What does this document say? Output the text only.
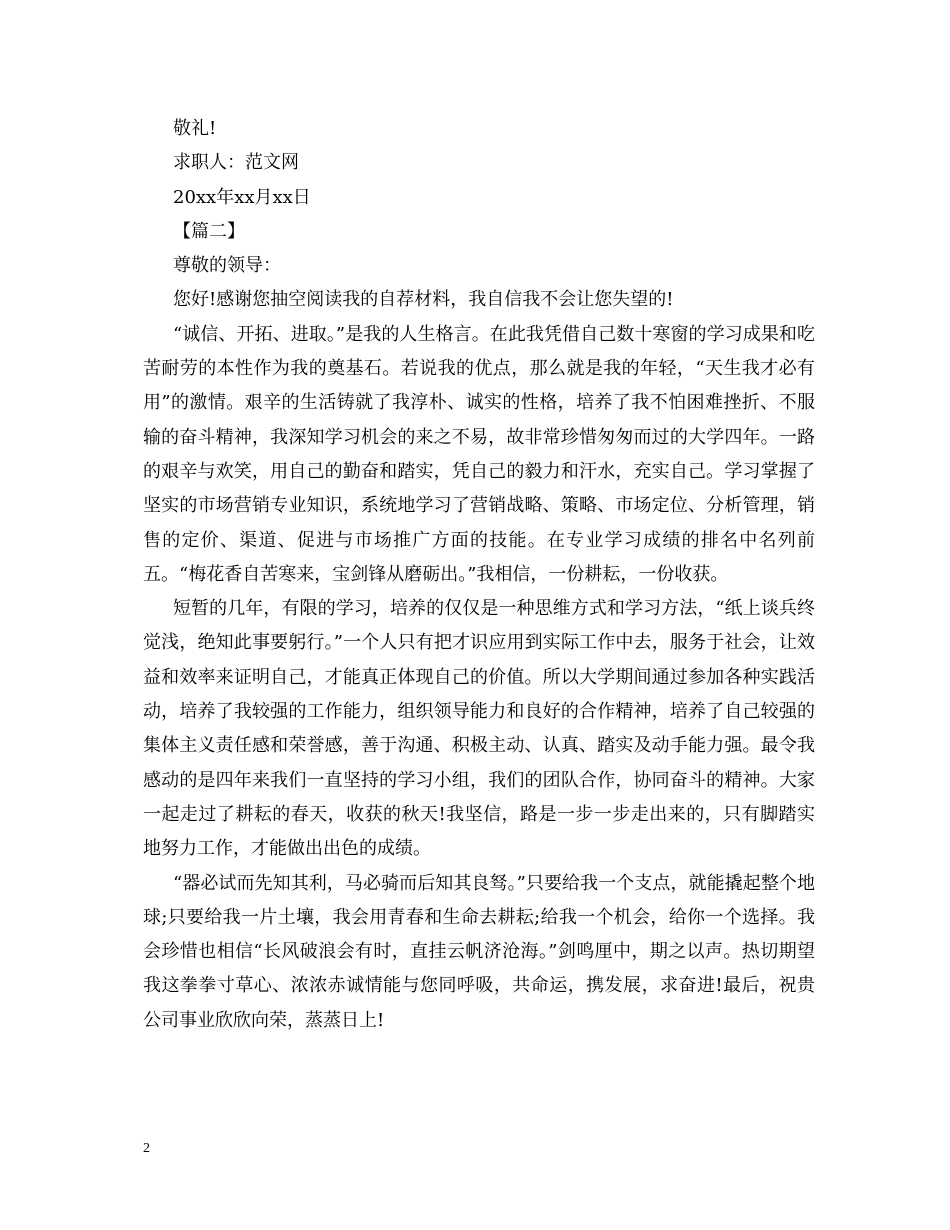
敬礼!

求职人：范文网

20xx年xx月xx日

【篇二】

尊敬的领导：

您好!感谢您抽空阅读我的自荐材料，我自信我不会让您失望的!

“诚信、开拓、进取。”是我的人生格言。在此我凭借自己数十寒窗的学习成果和吃苦耐劳的本性作为我的奠基石。若说我的优点，那么就是我的年轻，“天生我才必有用”的激情。艰辛的生活铸就了我淳朴、诚实的性格，培养了我不怕困难挫折、不服输的奋斗精神，我深知学习机会的来之不易，故非常珍惜匆匆而过的大学四年。一路的艰辛与欢笑，用自己的勤奋和踏实，凭自己的毅力和汗水，充实自己。学习掌握了坚实的市场营销专业知识，系统地学习了营销战略、策略、市场定位、分析管理，销售的定价、渠道、促进与市场推广方面的技能。在专业学习成绩的排名中名列前五。“梅花香自苦寒来，宝剑锋从磨砺出。”我相信，一份耕耘，一份收获。

短暂的几年，有限的学习，培养的仅仅是一种思维方式和学习方法，“纸上谈兵终觉浅，绝知此事要躬行。”一个人只有把才识应用到实际工作中去，服务于社会，让效益和效率来证明自己，才能真正体现自己的价值。所以大学期间通过参加各种实践活动，培养了我较强的工作能力，组织领导能力和良好的合作精神，培养了自己较强的集体主义责任感和荣誉感，善于沟通、积极主动、认真、踏实及动手能力强。最令我感动的是四年来我们一直坚持的学习小组，我们的团队合作，协同奋斗的精神。大家一起走过了耕耘的春天，收获的秋天!我坚信，路是一步一步走出来的，只有脚踏实地努力工作，才能做出出色的成绩。

“器必试而先知其利，马必骑而后知其良驽。”只要给我一个支点，就能撬起整个地球;只要给我一片土壤，我会用青春和生命去耕耘;给我一个机会，给你一个选择。我会珍惜也相信“长风破浪会有时，直挂云帆济沧海。”剑鸣厘中，期之以声。热切期望我这拳拳寸草心、浓浓赤诚情能与您同呼吸，共命运，携发展，求奋进!最后，祝贵公司事业欣欣向荣，蒸蒸日上!

2
